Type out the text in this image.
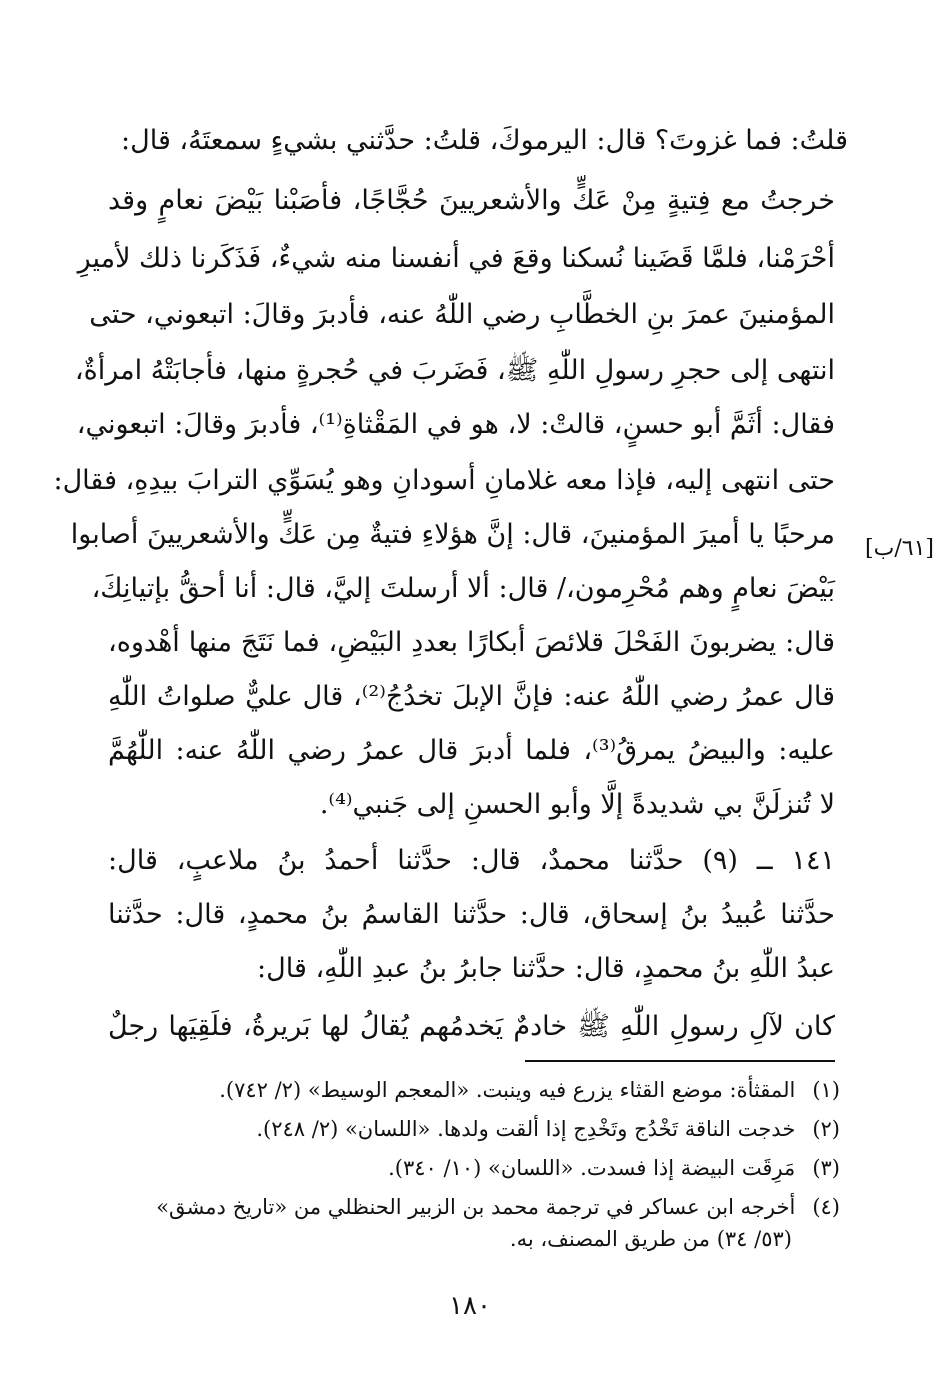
قلتُ: فما غزوتَ؟ قال: اليرموكَ، قلتُ: حدَّثني بشيءٍ سمعتَهُ، قال:
خرجتُ مع فِتيةٍ مِنْ عَكٍّ والأشعريينَ حُجَّاجًا، فأصَبْنا بَيْضَ نعامٍ وقد
أحْرَمْنا، فلمَّا قَضَينا نُسكنا وقعَ في أنفسنا منه شيءٌ، فَذَكَرنا ذلك لأميرِ
المؤمنينَ عمرَ بنِ الخطَّابِ رضي اللّٰهُ عنه، فأدبرَ وقالَ: اتبعوني، حتى
انتهى إلى حجرِ رسولِ اللّٰهِ ﷺ، فَضَربَ في حُجرةٍ منها، فأجابَتْهُ امرأةٌ،
فقال: أثَمَّ أبو حسنٍ، قالتْ: لا، هو في المَقْثاةِ⁽¹⁾، فأدبرَ وقالَ: اتبعوني،
حتى انتهى إليه، فإذا معه غلامانِ أسودانِ وهو يُسَوِّي الترابَ بيدِهِ، فقال:
مرحبًا يا أميرَ المؤمنينَ، قال: إنَّ هؤلاءِ فتيةٌ مِن عَكٍّ والأشعريينَ أصابوا
بَيْضَ نعامٍ وهم مُحْرِمون،/ قال: ألا أرسلتَ إليَّ، قال: أنا أحقُّ بإتيانِكَ،
قال: يضربونَ الفَحْلَ قلائصَ أبكارًا بعددِ البَيْضِ، فما نَتَجَ منها أهْدوه،
قال عمرُ رضي اللّٰهُ عنه: فإنَّ الإبلَ تخدُجُ⁽²⁾، قال عليٌّ صلواتُ اللّٰهِ
عليه: والبيضُ يمرقُ⁽³⁾، فلما أدبرَ قال عمرُ رضي اللّٰهُ عنه: اللّٰهُمَّ
لا تُنزلَنَّ بي شديدةً إلَّا وأبو الحسنِ إلى جَنبي⁽⁴⁾.
١٤١ ــ (٩) حدَّثنا محمدٌ، قال: حدَّثنا أحمدُ بنُ ملاعبٍ، قال:
حدَّثنا عُبيدُ بنُ إسحاق، قال: حدَّثنا القاسمُ بنُ محمدٍ، قال: حدَّثنا
عبدُ اللّٰهِ بنُ محمدٍ، قال: حدَّثنا جابرُ بنُ عبدِ اللّٰهِ، قال:
كان لآلِ رسولِ اللّٰهِ ﷺ خادمٌ يَخدمُهم يُقالُ لها بَريرةُ، فلَقِيَها رجلٌ
[٦١/ب]
(١) المقثأة: موضع القثاء يزرع فيه وينبت. «المعجم الوسيط» (٢/ ٧٤٢).
(٢) خدجت الناقة تَخْدُج وتَخْدِج إذا ألقت ولدها. «اللسان» (٢/ ٢٤٨).
(٣) مَرِقَت البيضة إذا فسدت. «اللسان» (١٠/ ٣٤٠).
(٤) أخرجه ابن عساكر في ترجمة محمد بن الزبير الحنظلي من «تاريخ دمشق»
(٥٣/ ٣٤) من طريق المصنف، به.
١٨٠
